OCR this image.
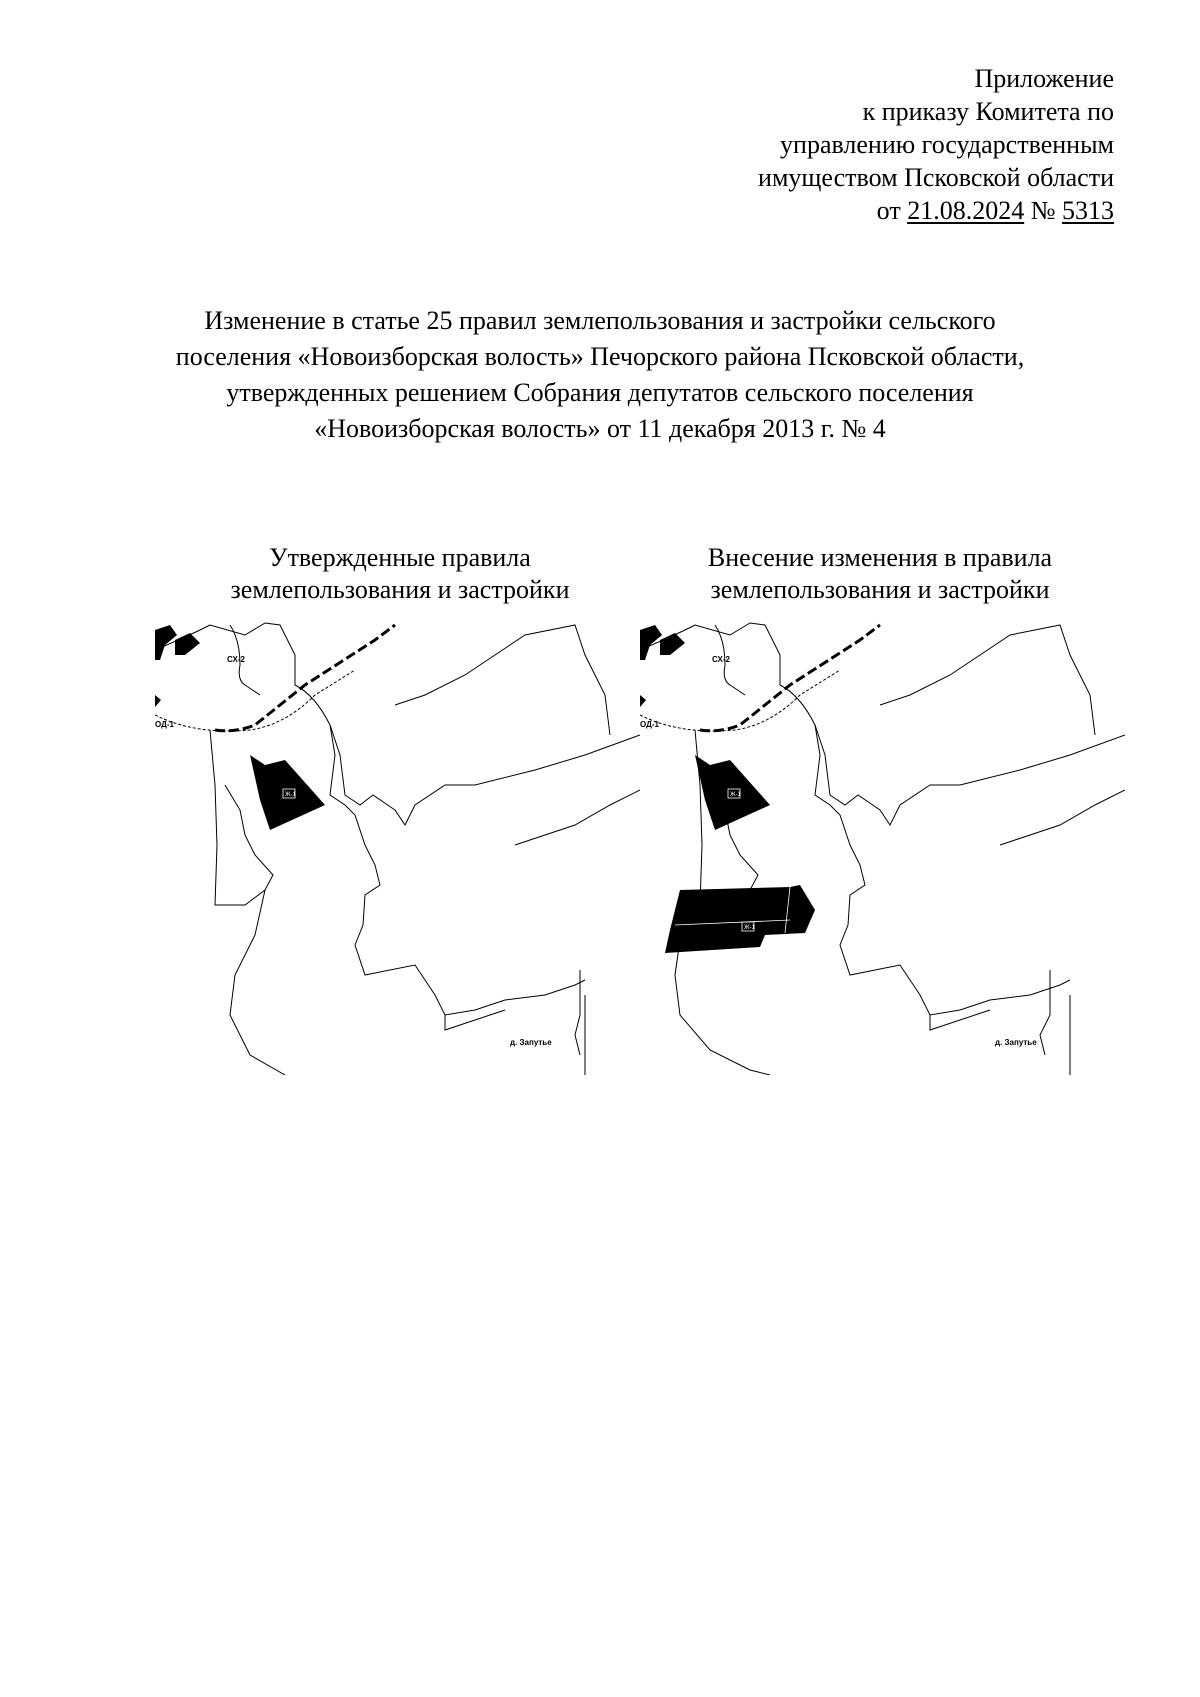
Приложение
к приказу Комитета по
управлению государственным
имуществом Псковской области
от 21.08.2024 № 5313
Изменение в статье 25 правил землепользования и застройки сельского
поселения «Новоизборская волость» Печорского района Псковской области,
утвержденных решением Собрания депутатов сельского поселения
«Новоизборская волость» от 11 декабря 2013 г. № 4
Утвержденные правила
землепользования и застройки
Внесение изменения в правила
землепользования и застройки
Ж-1
СХ-2
ОД-1
д. Запутье
Ж-1
Ж-1
СХ-2
ОД-1
д. Запутье
